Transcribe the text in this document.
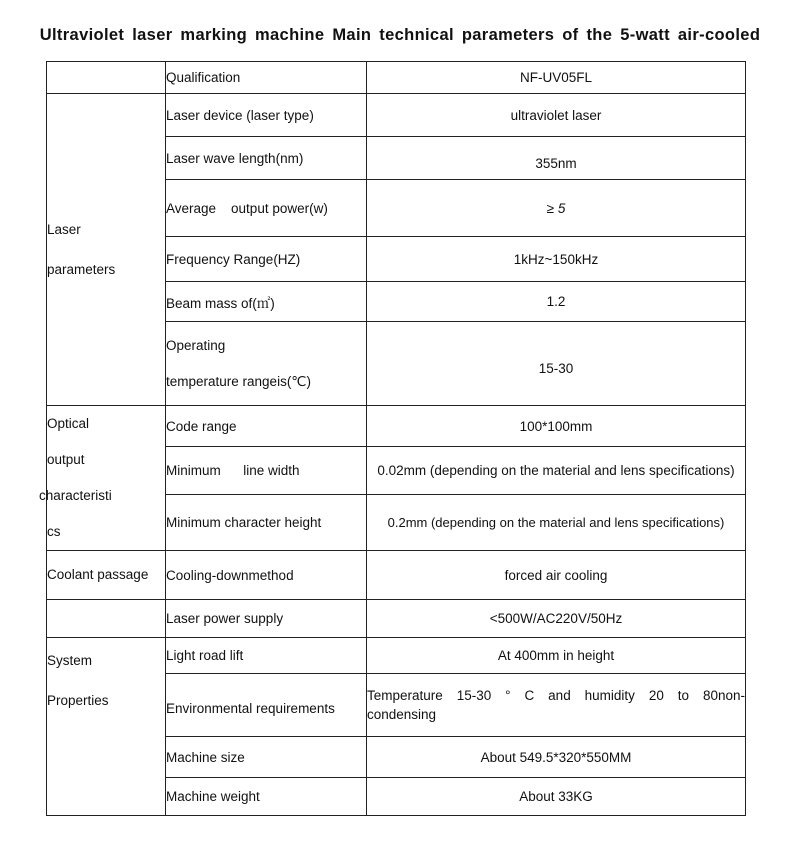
Ultraviolet laser marking machine Main technical parameters of the 5-watt air-cooled
	Qualification	NF-UV05FL

Laser
parameters	Laser device (laser type)	ultraviolet laser
	Laser wave length(nm)	355nm

	Average    output power(w)	≥ 5
	Frequency Range(HZ)	1kHz~150kHz
	Beam mass of(㎡)	1.2

	Operating
temperature rangeis(℃)	15-30

Optical
output
characteristi
cs	Code range	100*100mm
	Minimum      line width	0.02mm (depending on the material and lens specifications)
	Minimum character height	0.2mm (depending on the material and lens specifications)
Coolant passage	Cooling-downmethod	forced air cooling
	Laser power supply	<500W/AC220V/50Hz

System
Properties	Light road lift	At 400mm in height
	Environmental requirements	Temperature 15-30 ° C and humidity 20 to 80non-condensing
	Machine size	About 549.5*320*550MM
	Machine weight	About 33KG
